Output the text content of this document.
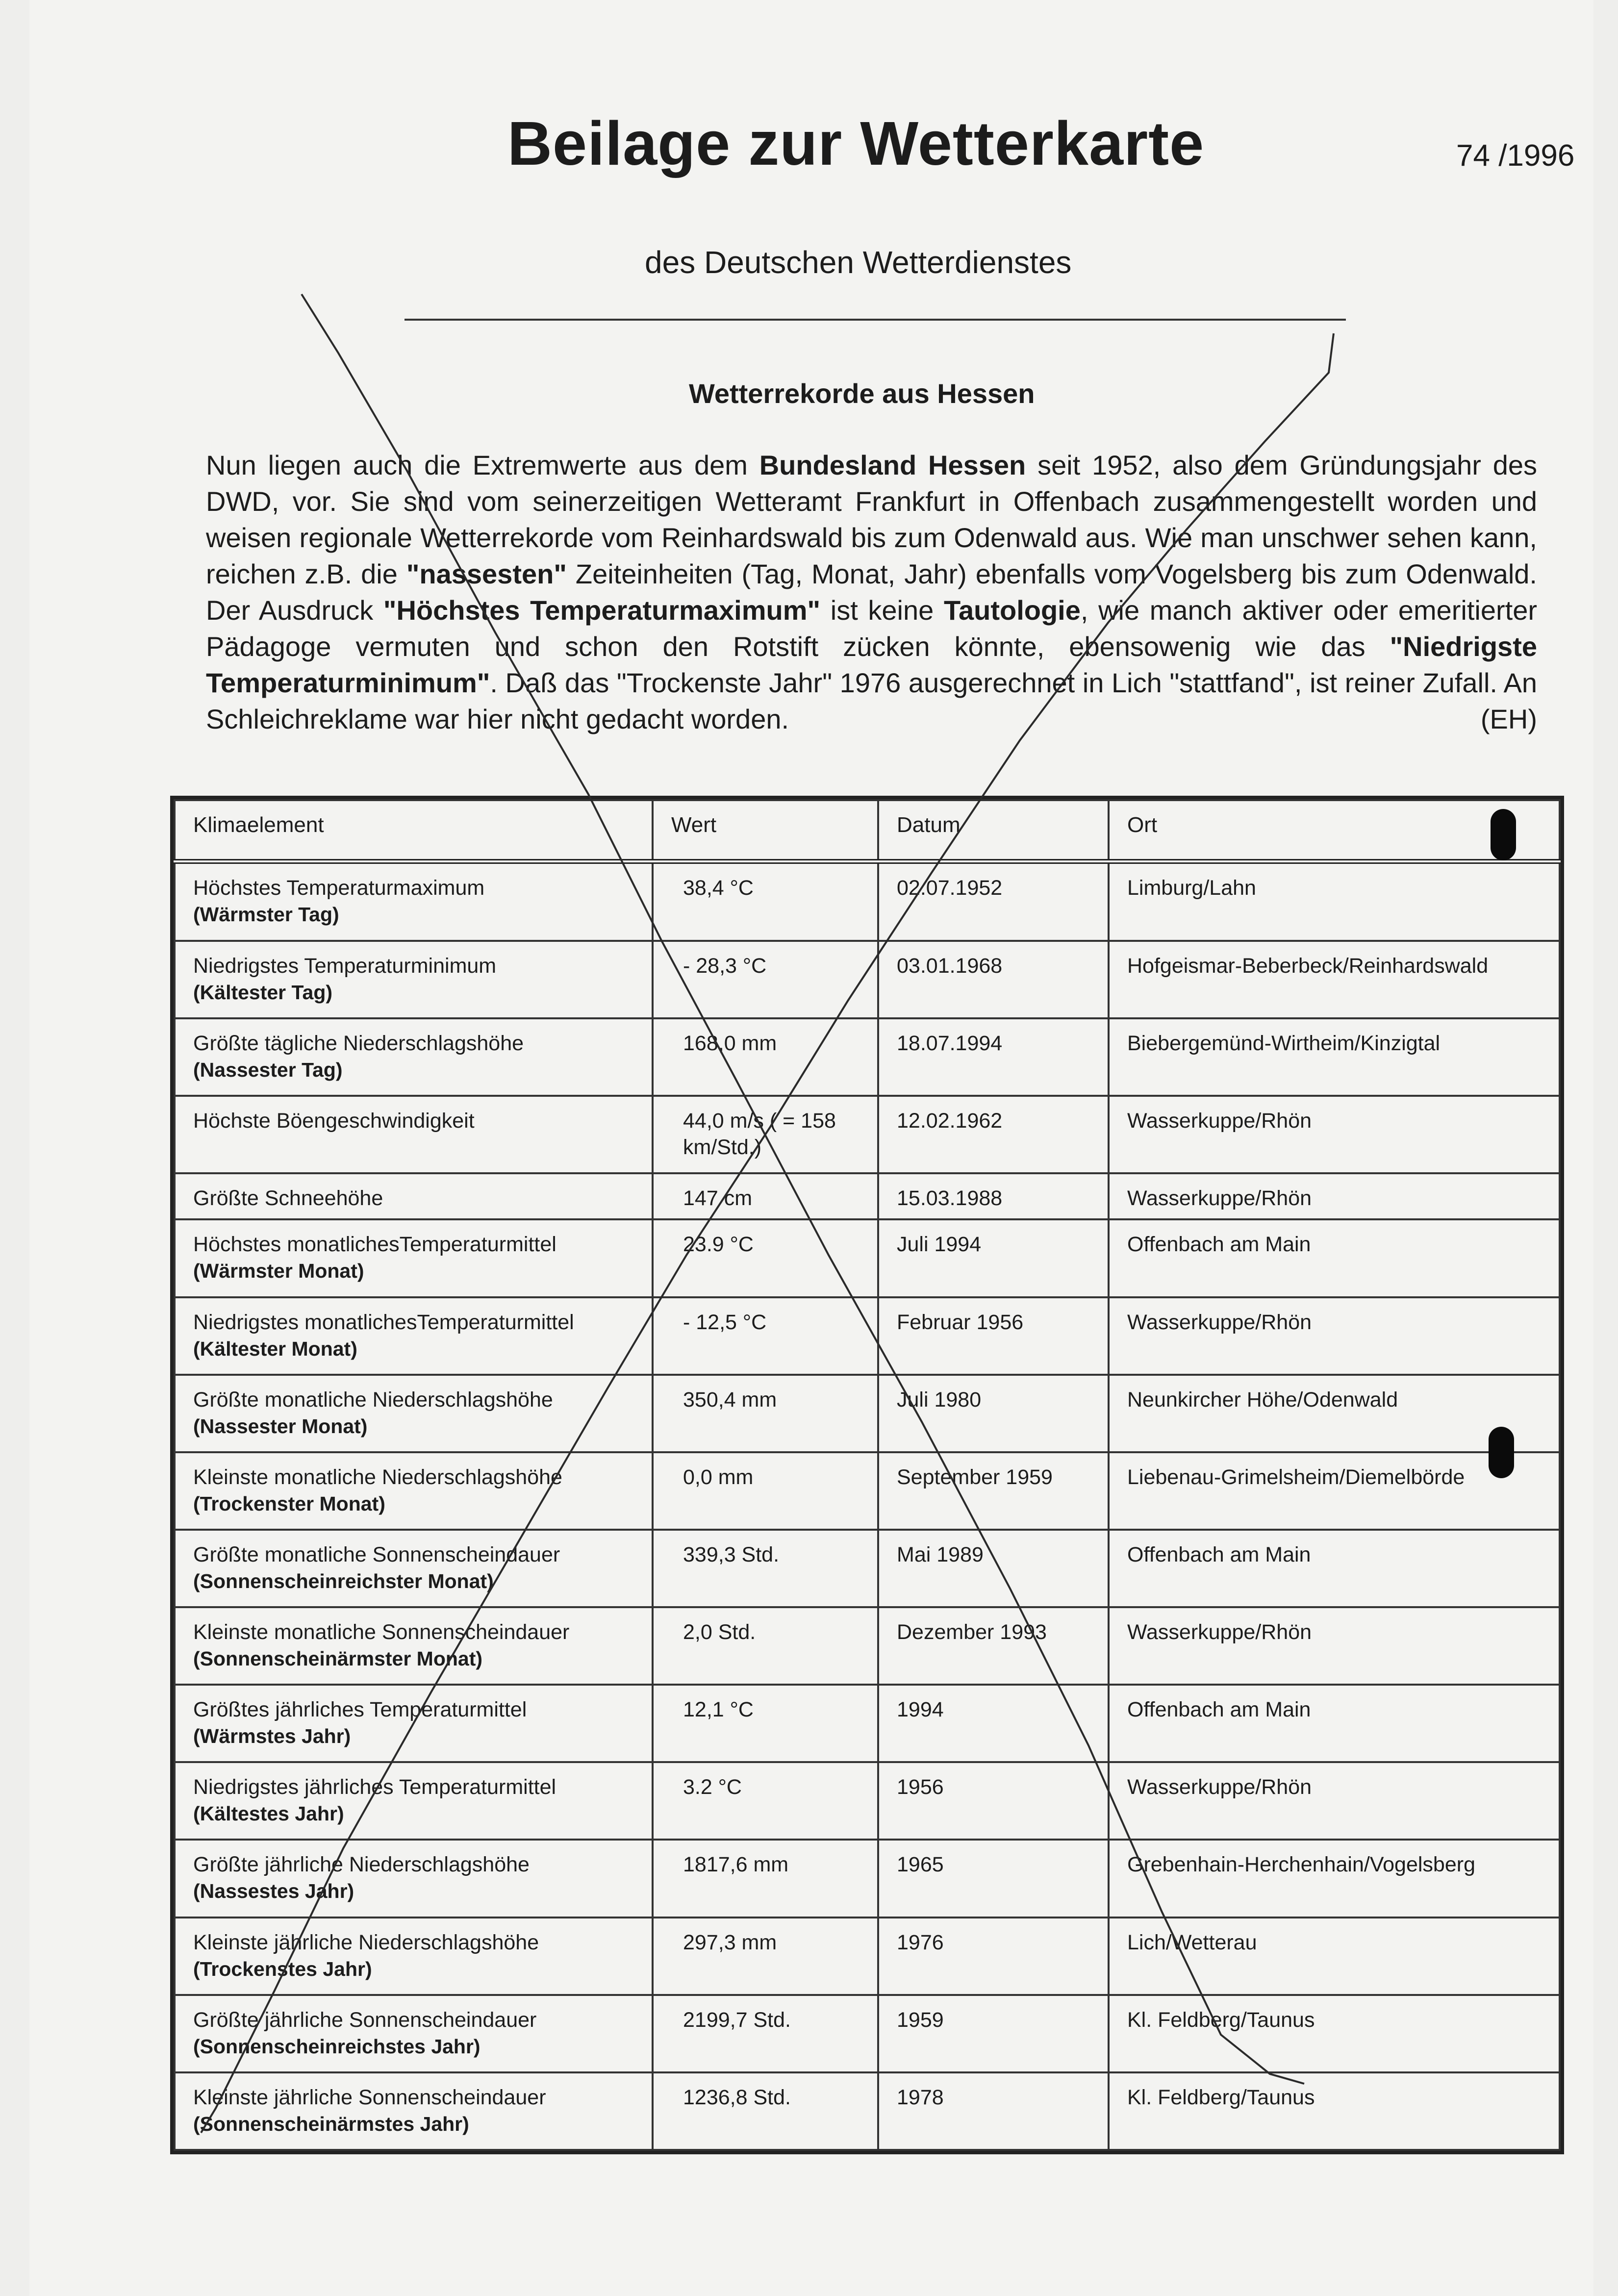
Beilage zur Wetterkarte	74 /1996
des Deutschen Wetterdienstes
Wetterrekorde aus Hessen

Nun liegen auch die Extremwerte aus dem Bundesland Hessen seit 1952, also dem Gründungsjahr des DWD, vor. Sie sind vom seinerzeitigen Wetteramt Frankfurt in Offenbach zusammengestellt worden und weisen regionale Wetterrekorde vom Reinhardswald bis zum Odenwald aus. Wie man unschwer sehen kann, reichen z.B. die "nassesten" Zeiteinheiten (Tag, Monat, Jahr) ebenfalls vom Vogelsberg bis zum Odenwald. Der Ausdruck "Höchstes Temperaturmaximum" ist keine Tautologie, wie manch aktiver oder emeritierter Pädagoge vermuten und schon den Rotstift zücken könnte, ebensowenig wie das "Niedrigste Temperaturminimum". Daß das "Trockenste Jahr" 1976 ausgerechnet in Lich "stattfand", ist reiner Zufall. An Schleichreklame war hier nicht gedacht worden.	(EH)

Klimaelement	Wert	Datum	Ort
Höchstes Temperaturmaximum
(Wärmster Tag)	38,4 °C	02.07.1952	Limburg/Lahn
Niedrigstes Temperaturminimum
(Kältester Tag)	- 28,3 °C	03.01.1968	Hofgeismar-Beberbeck/Reinhardswald
Größte tägliche Niederschlagshöhe
(Nassester Tag)	168,0 mm	18.07.1994	Biebergemünd-Wirtheim/Kinzigtal
Höchste Böengeschwindigkeit	44,0 m/s ( = 158 km/Std.)	12.02.1962	Wasserkuppe/Rhön
Größte Schneehöhe	147 cm	15.03.1988	Wasserkuppe/Rhön
Höchstes monatlichesTemperaturmittel
(Wärmster Monat)	23.9 °C	Juli 1994	Offenbach am Main
Niedrigstes monatlichesTemperaturmittel
(Kältester Monat)	- 12,5 °C	Februar 1956	Wasserkuppe/Rhön
Größte monatliche Niederschlagshöhe
(Nassester Monat)	350,4 mm	Juli 1980	Neunkircher Höhe/Odenwald
Kleinste monatliche Niederschlagshöhe
(Trockenster Monat)	0,0 mm	September 1959	Liebenau-Grimelsheim/Diemelbörde
Größte monatliche Sonnenscheindauer
(Sonnenscheinreichster Monat)	339,3 Std.	Mai 1989	Offenbach am Main
Kleinste monatliche Sonnenscheindauer
(Sonnenscheinärmster Monat)	2,0 Std.	Dezember 1993	Wasserkuppe/Rhön
Größtes jährliches Temperaturmittel
(Wärmstes Jahr)	12,1 °C	1994	Offenbach am Main
Niedrigstes jährliches Temperaturmittel
(Kältestes Jahr)	3.2 °C	1956	Wasserkuppe/Rhön
Größte jährliche Niederschlagshöhe
(Nassestes Jahr)	1817,6 mm	1965	Grebenhain-Herchenhain/Vogelsberg
Kleinste jährliche Niederschlagshöhe
(Trockenstes Jahr)	297,3 mm	1976	Lich/Wetterau
Größte jährliche Sonnenscheindauer
(Sonnenscheinreichstes Jahr)	2199,7 Std.	1959	Kl. Feldberg/Taunus
Kleinste jährliche Sonnenscheindauer
(Sonnenscheinärmstes Jahr)	1236,8 Std.	1978	Kl. Feldberg/Taunus
